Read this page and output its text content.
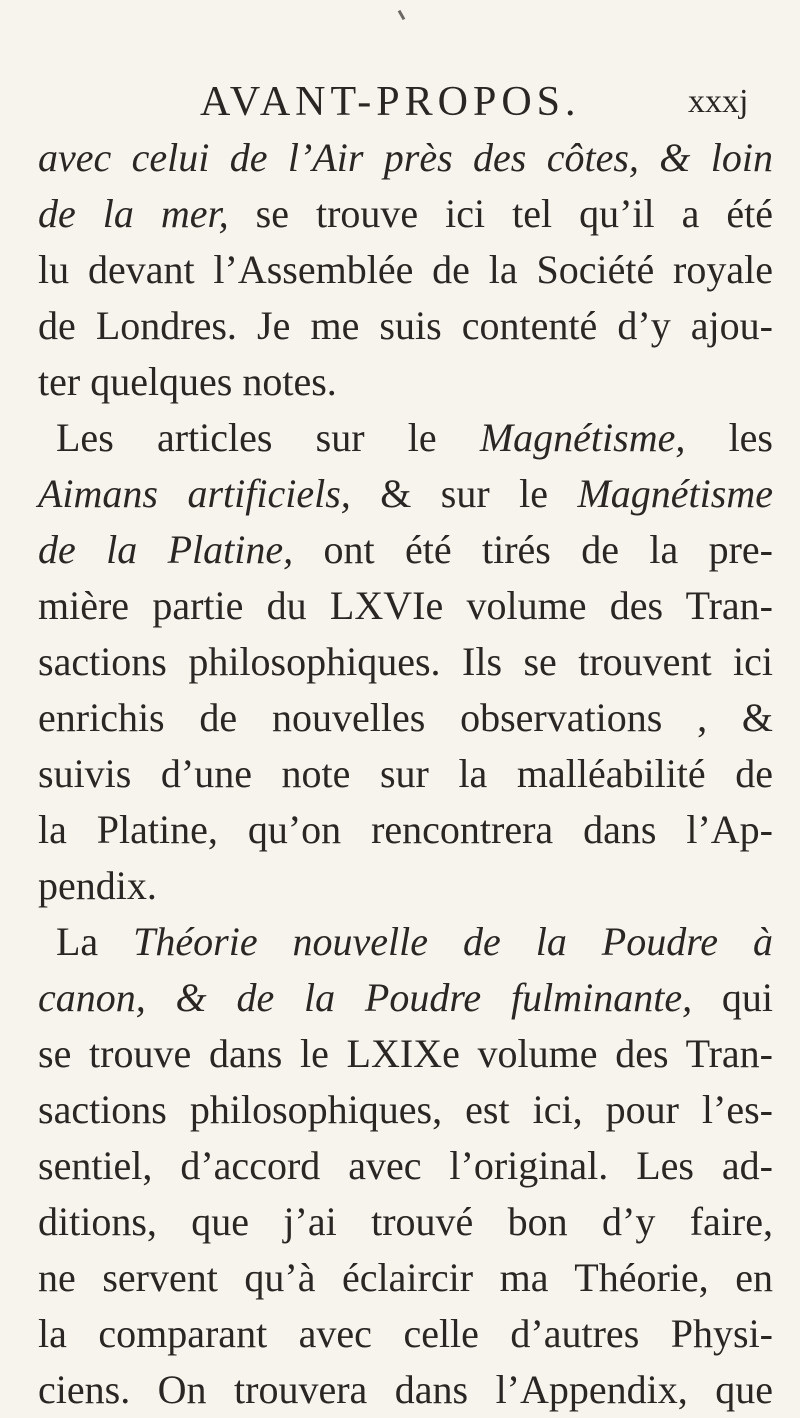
AVANT-PROPOS.	xxxj
avec celui de l’Air près des côtes, & loin
de la mer, se trouve ici tel qu’il a été
lu devant l’Assemblée de la Société royale
de Londres. Je me suis contenté d’y ajou-
ter quelques notes.
Les articles sur le Magnétisme, les
Aimans artificiels, & sur le Magnétisme
de la Platine, ont été tirés de la pre-
mière partie du LXVIe volume des Tran-
sactions philosophiques. Ils se trouvent ici
enrichis de nouvelles observations , &
suivis d’une note sur la malléabilité de
la Platine, qu’on rencontrera dans l’Ap-
pendix.
La Théorie nouvelle de la Poudre à
canon, & de la Poudre fulminante, qui
se trouve dans le LXIXe volume des Tran-
sactions philosophiques, est ici, pour l’es-
sentiel, d’accord avec l’original. Les ad-
ditions, que j’ai trouvé bon d’y faire,
ne servent qu’à éclaircir ma Théorie, en
la comparant avec celle d’autres Physi-
ciens. On trouvera dans l’Appendix, que
